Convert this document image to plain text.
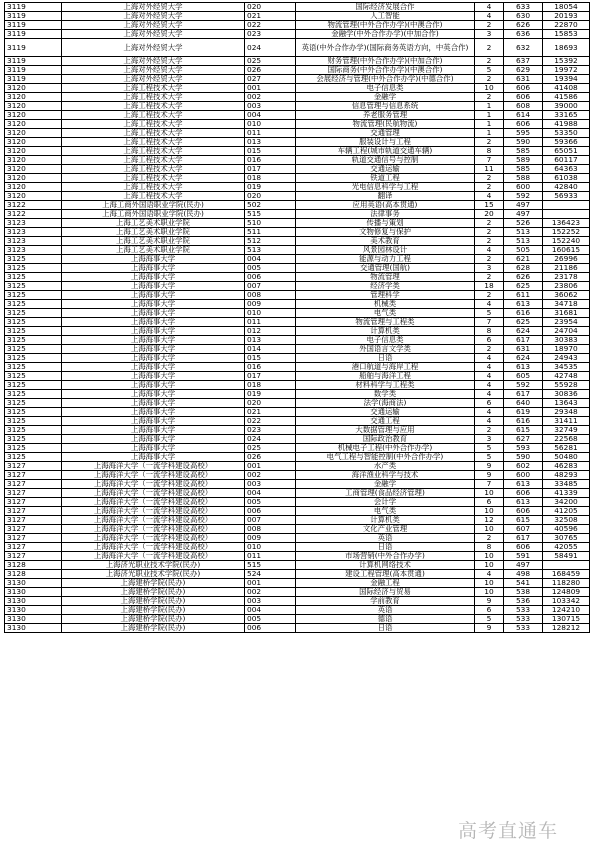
3119	上海对外经贸大学	020	国际经济发展合作	4	633	18054
3119	上海对外经贸大学	021	人工智能	4	630	20193
3119	上海对外经贸大学	022	物流管理(中外合作办学)(中澳合作)	2	626	22870
3119	上海对外经贸大学	023	金融学(中外合作办学)(中加合作)	3	636	15853
3119	上海对外经贸大学	024	英语(中外合作办学)(国际商务英语方向，中英合作)	2	632	18693
3119	上海对外经贸大学	025	财务管理(中外合作办学)(中加合作)	2	637	15392
3119	上海对外经贸大学	026	国际商务(中外合作办学)(中澳合作)	5	629	19972
3119	上海对外经贸大学	027	会展经济与管理(中外合作办学)(中德合作)	2	631	19394
3120	上海工程技术大学	001	电子信息类	10	606	41408
3120	上海工程技术大学	002	金融学	2	606	41586
3120	上海工程技术大学	003	信息管理与信息系统	1	608	39000
3120	上海工程技术大学	004	养老服务管理	1	614	33165
3120	上海工程技术大学	010	物流管理(民航物流)	1	606	41988
3120	上海工程技术大学	011	交通管理	1	595	53350
3120	上海工程技术大学	013	服装设计与工程	2	590	59366
3120	上海工程技术大学	015	车辆工程(城市轨道交通车辆)	8	585	65051
3120	上海工程技术大学	016	轨道交通信号与控制	7	589	60117
3120	上海工程技术大学	017	交通运输	11	585	64363
3120	上海工程技术大学	018	铁道工程	2	588	61038
3120	上海工程技术大学	019	光电信息科学与工程	2	600	42840
3120	上海工程技术大学	020	翻译	4	592	56933
3122	上海工商外国语职业学院(民办)	502	应用英语(高本贯通)	15	497	
3122	上海工商外国语职业学院(民办)	515	法律事务	20	497	
3123	上海工艺美术职业学院	510	传播与策划	2	526	136423
3123	上海工艺美术职业学院	511	文物修复与保护	2	513	152252
3123	上海工艺美术职业学院	512	美术教育	2	513	152240
3123	上海工艺美术职业学院	513	风景园林设计	4	505	160615
3125	上海海事大学	004	能源与动力工程	2	621	26996
3125	上海海事大学	005	交通管理(国航)	3	628	21186
3125	上海海事大学	006	物流管理	2	626	23178
3125	上海海事大学	007	经济学类	18	625	23806
3125	上海海事大学	008	管理科学	2	611	36062
3125	上海海事大学	009	机械类	4	613	34718
3125	上海海事大学	010	电气类	5	616	31681
3125	上海海事大学	011	物流管理与工程类	7	625	23954
3125	上海海事大学	012	计算机类	8	624	24704
3125	上海海事大学	013	电子信息类	6	617	30383
3125	上海海事大学	014	外国语言文学类	2	631	18970
3125	上海海事大学	015	日语	4	624	24943
3125	上海海事大学	016	港口航道与海岸工程	4	613	34535
3125	上海海事大学	017	船舶与海洋工程	4	605	42748
3125	上海海事大学	018	材料科学与工程类	4	592	55928
3125	上海海事大学	019	数学类	4	617	30836
3125	上海海事大学	020	法学(海商法)	6	640	13643
3125	上海海事大学	021	交通运输	4	619	29348
3125	上海海事大学	022	交通工程	4	616	31411
3125	上海海事大学	023	大数据管理与应用	2	615	32749
3125	上海海事大学	024	国际政治教育	3	627	22568
3125	上海海事大学	025	机械电子工程(中外合作办学)	5	593	56281
3125	上海海事大学	026	电气工程与智能控制(中外合作办学)	5	590	50480
3127	上海海洋大学（一流学科建设高校）	001	水产类	9	602	46283
3127	上海海洋大学（一流学科建设高校）	002	海洋渔业科学与技术	9	600	48293
3127	上海海洋大学（一流学科建设高校）	003	金融学	7	613	33485
3127	上海海洋大学（一流学科建设高校）	004	工商管理(食品经济管理)	10	606	41339
3127	上海海洋大学（一流学科建设高校）	005	会计学	6	613	34200
3127	上海海洋大学（一流学科建设高校）	006	电气类	10	606	41205
3127	上海海洋大学（一流学科建设高校）	007	计算机类	12	615	32508
3127	上海海洋大学（一流学科建设高校）	008	文化产业管理	10	607	40596
3127	上海海洋大学（一流学科建设高校）	009	英语	2	617	30765
3127	上海海洋大学（一流学科建设高校）	010	日语	8	606	42055
3127	上海海洋大学（一流学科建设高校）	011	市场营销(中外合作办学)	10	591	58491
3128	上海济光职业技术学院(民办)	515	计算机网络技术	10	497	
3128	上海济光职业技术学院(民办)	524	建设工程管理(高本贯通)	4	498	168459
3130	上海建桥学院(民办)	001	金融工程	10	541	118280
3130	上海建桥学院(民办)	002	国际经济与贸易	10	538	124809
3130	上海建桥学院(民办)	003	学前教育	9	536	103342
3130	上海建桥学院(民办)	004	英语	6	533	124210
3130	上海建桥学院(民办)	005	德语	5	533	130715
3130	上海建桥学院(民办)	006	日语	9	533	128212
高考直通车
